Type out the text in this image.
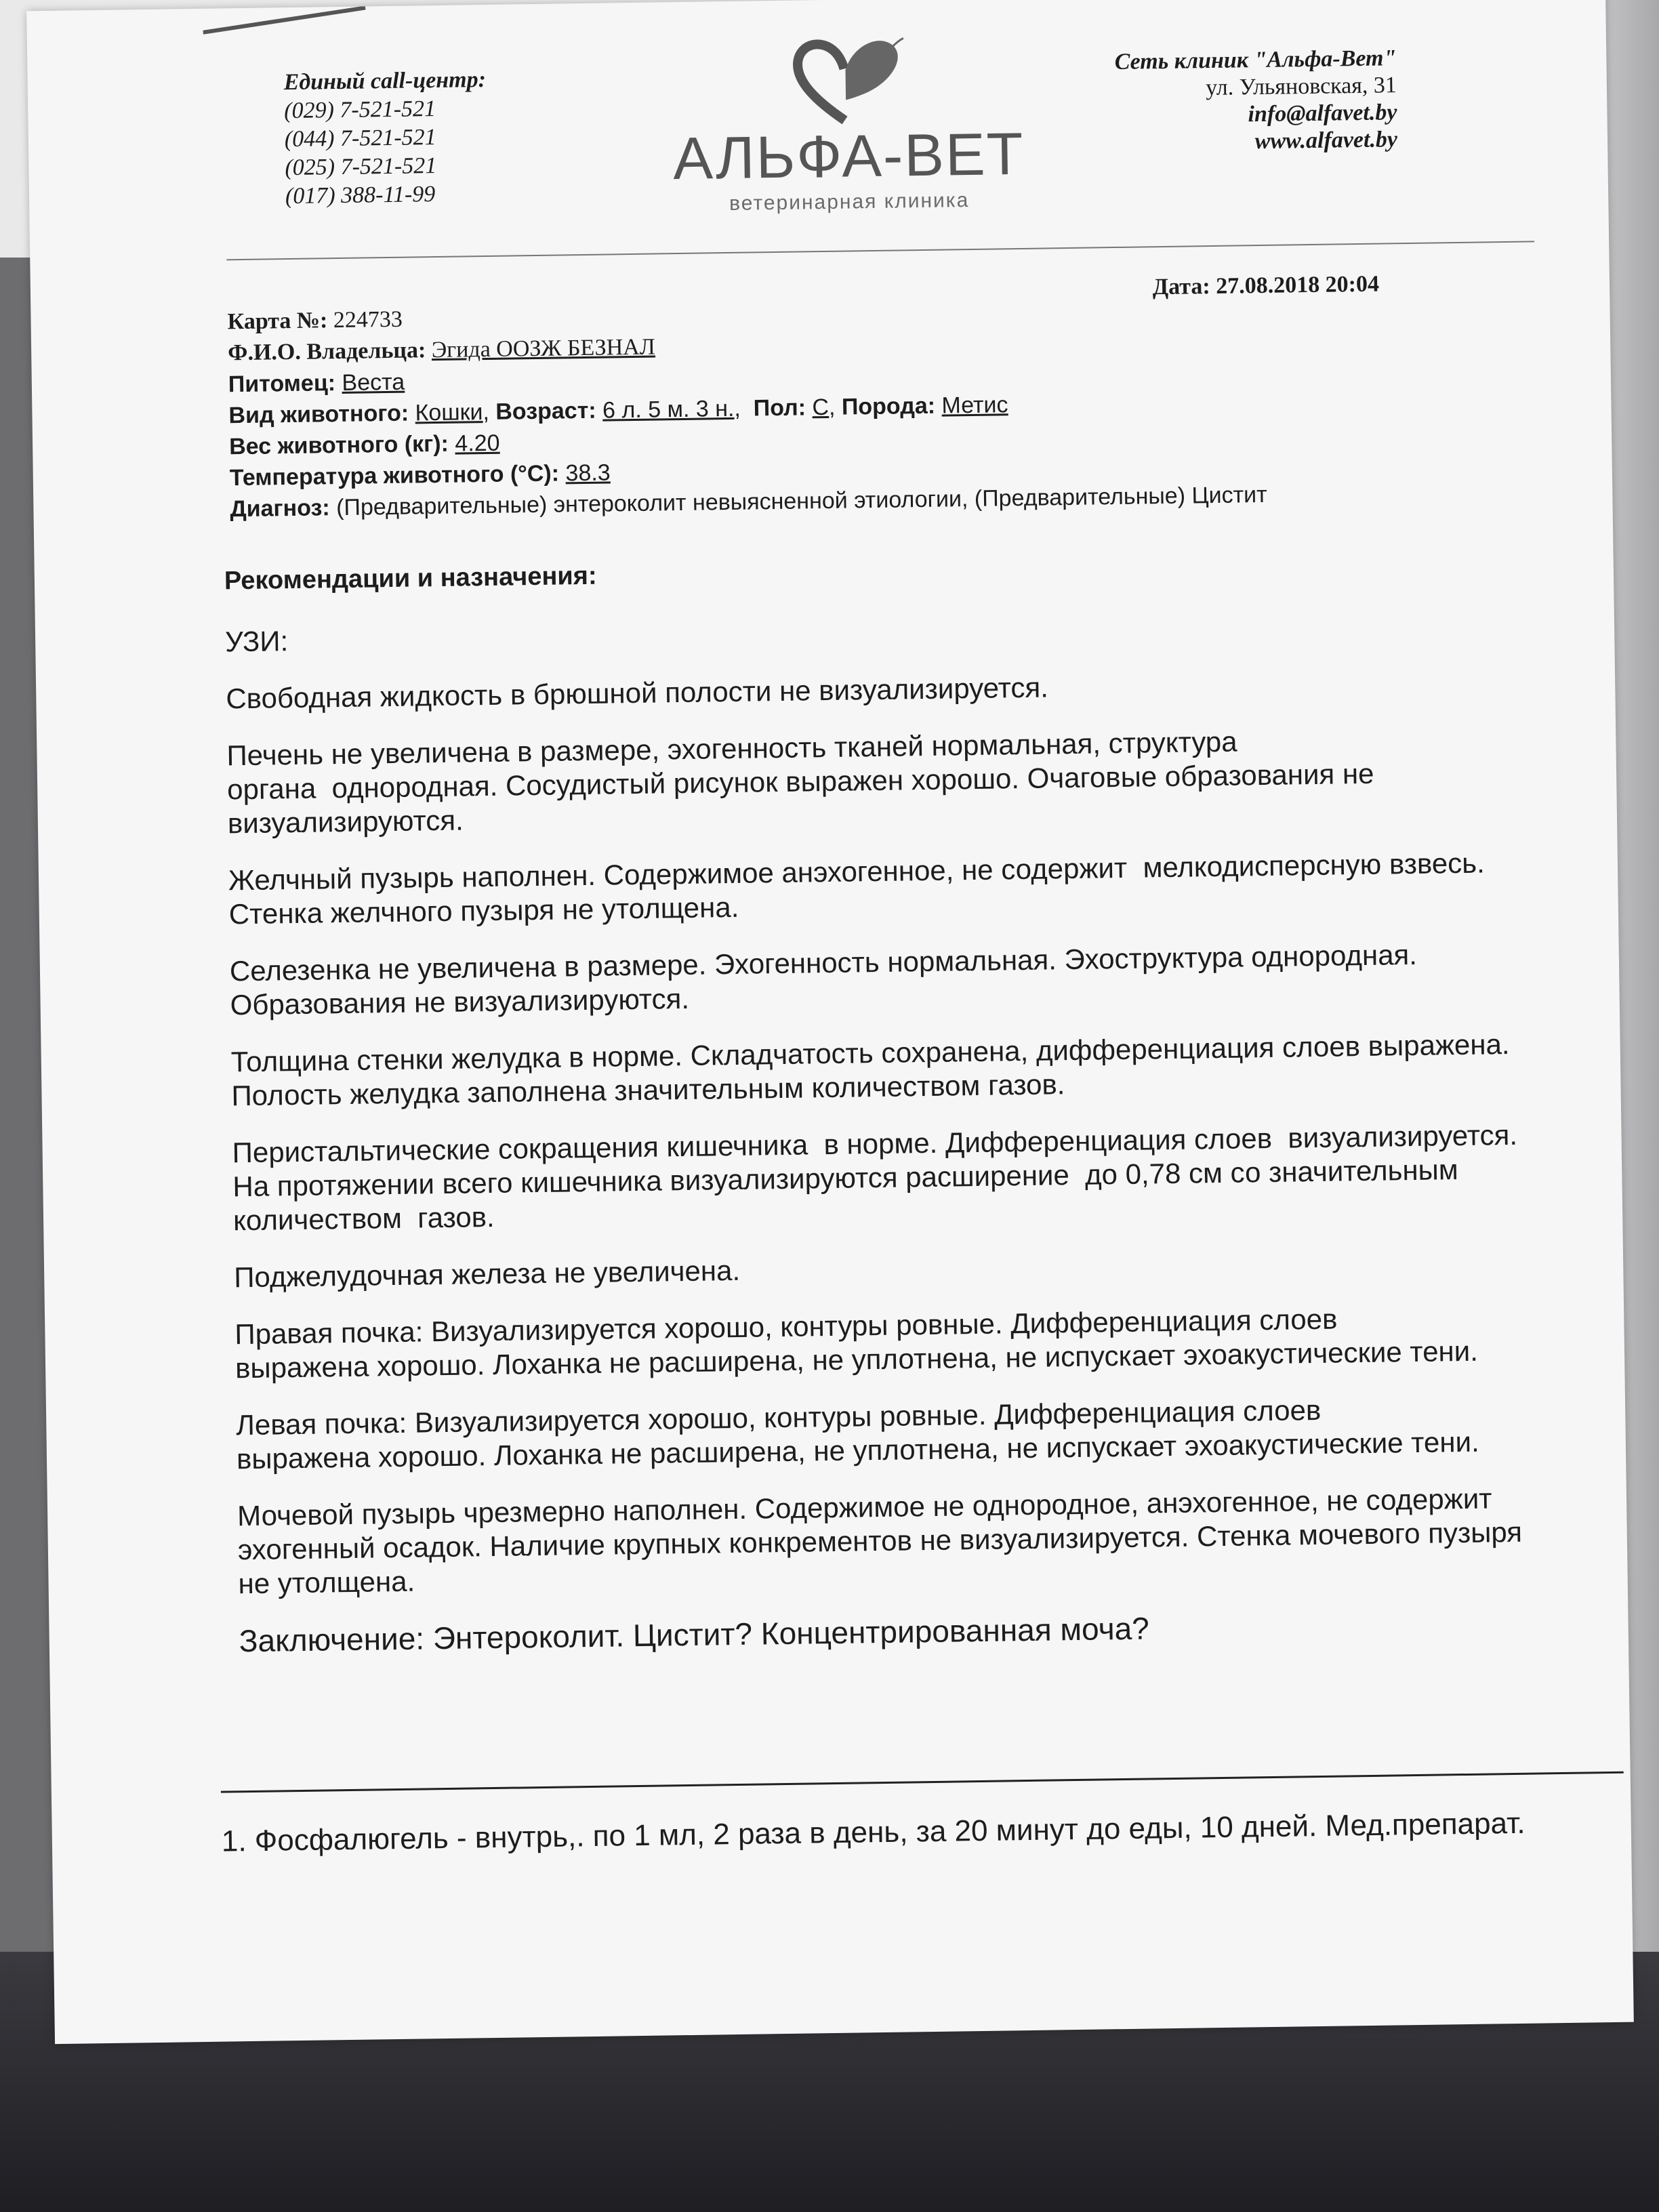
Единый call-центр:
(029) 7-521-521
(044) 7-521-521
(025) 7-521-521
(017) 388-11-99
АЛЬФА-ВЕТ
ветеринарная клиника
Сеть клиник "Альфа-Вет"
ул. Ульяновская, 31
info@alfavet.by
www.alfavet.by
Дата: 27.08.2018 20:04
Карта №: 224733
Ф.И.О. Владельца: Эгида ООЗЖ БЕЗНАЛ
Питомец: Веста
Вид животного: Кошки, Возраст: 6 л. 5 м. 3 н.,  Пол: С, Порода: Метис
Вес животного (кг): 4.20
Температура животного (°С): 38.3
Диагноз: (Предварительные) энтероколит невыясненной этиологии, (Предварительные) Цистит

Рекомендации и назначения:

УЗИ:

Свободная жидкость в брюшной полости не визуализируется.

Печень не увеличена в размере, эхогенность тканей нормальная, структура
органа  однородная. Сосудистый рисунок выражен хорошо. Очаговые образования не
визуализируются.

Желчный пузырь наполнен. Содержимое анэхогенное, не содержит  мелкодисперсную взвесь.
Стенка желчного пузыря не утолщена.

Селезенка не увеличена в размере. Эхогенность нормальная. Эхоструктура однородная.
Образования не визуализируются.

Толщина стенки желудка в норме. Складчатость сохранена, дифференциация слоев выражена.
Полость желудка заполнена значительным количеством газов.

Перистальтические сокращения кишечника  в норме. Дифференциация слоев  визуализируется.
На протяжении всего кишечника визуализируются расширение  до 0,78 см со значительным
количеством  газов.

Поджелудочная железа не увеличена.

Правая почка: Визуализируется хорошо, контуры ровные. Дифференциация слоев
выражена хорошо. Лоханка не расширена, не уплотнена, не испускает эхоакустические тени.

Левая почка: Визуализируется хорошо, контуры ровные. Дифференциация слоев
выражена хорошо. Лоханка не расширена, не уплотнена, не испускает эхоакустические тени.

Мочевой пузырь чрезмерно наполнен. Содержимое не однородное, анэхогенное, не содержит
эхогенный осадок. Наличие крупных конкрементов не визуализируется. Стенка мочевого пузыря
не утолщена.

Заключение: Энтероколит. Цистит? Концентрированная моча?

1. Фосфалюгель - внутрь,. по 1 мл, 2 раза в день, за 20 минут до еды, 10 дней. Мед.препарат.
